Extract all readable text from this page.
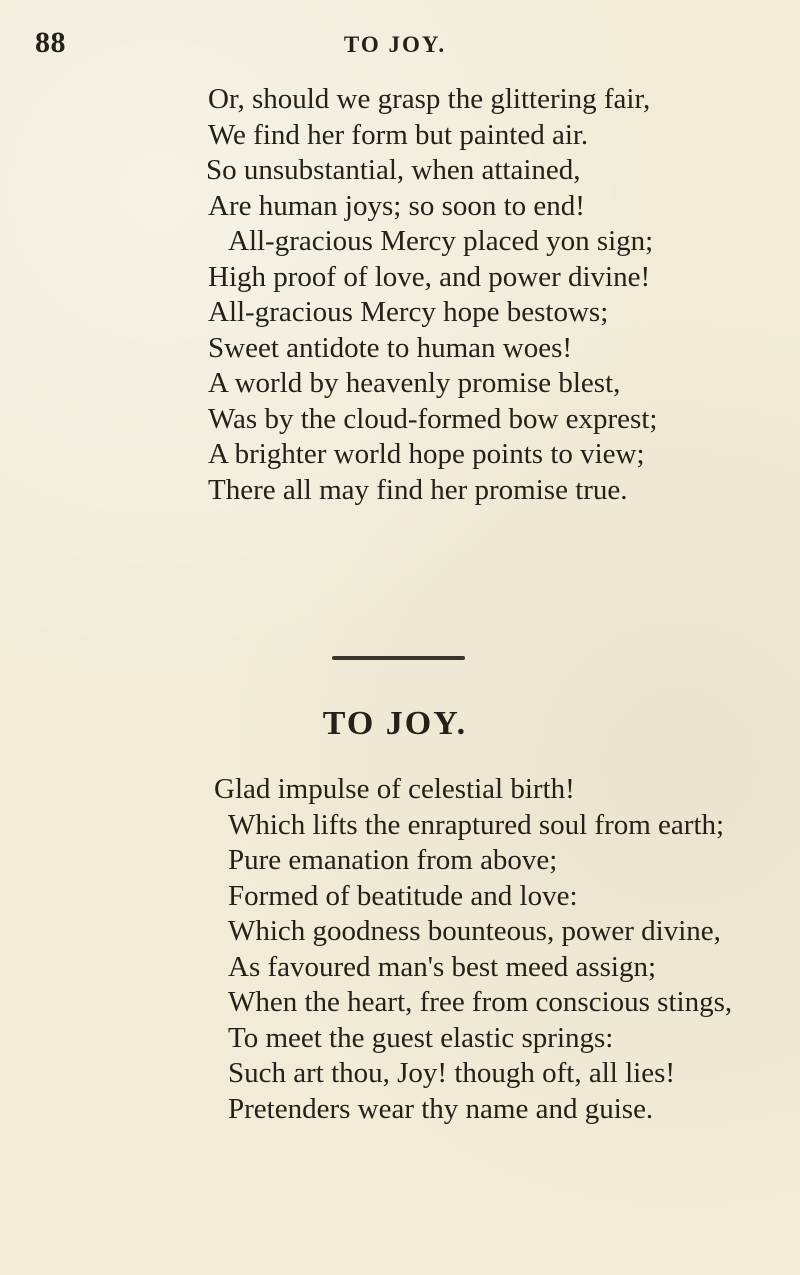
88	TO JOY.
Or, should we grasp the glittering fair,
We find her form but painted air.
So unsubstantial, when attained,
Are human joys; so soon to end!
All-gracious Mercy placed yon sign;
High proof of love, and power divine!
All-gracious Mercy hope bestows;
Sweet antidote to human woes!
A world by heavenly promise blest,
Was by the cloud-formed bow exprest;
A brighter world hope points to view;
There all may find her promise true.
TO JOY.
Glad impulse of celestial birth!
Which lifts the enraptured soul from earth;
Pure emanation from above;
Formed of beatitude and love:
Which goodness bounteous, power divine,
As favoured man's best meed assign;
When the heart, free from conscious stings,
To meet the guest elastic springs:
Such art thou, Joy! though oft, all lies!
Pretenders wear thy name and guise.
